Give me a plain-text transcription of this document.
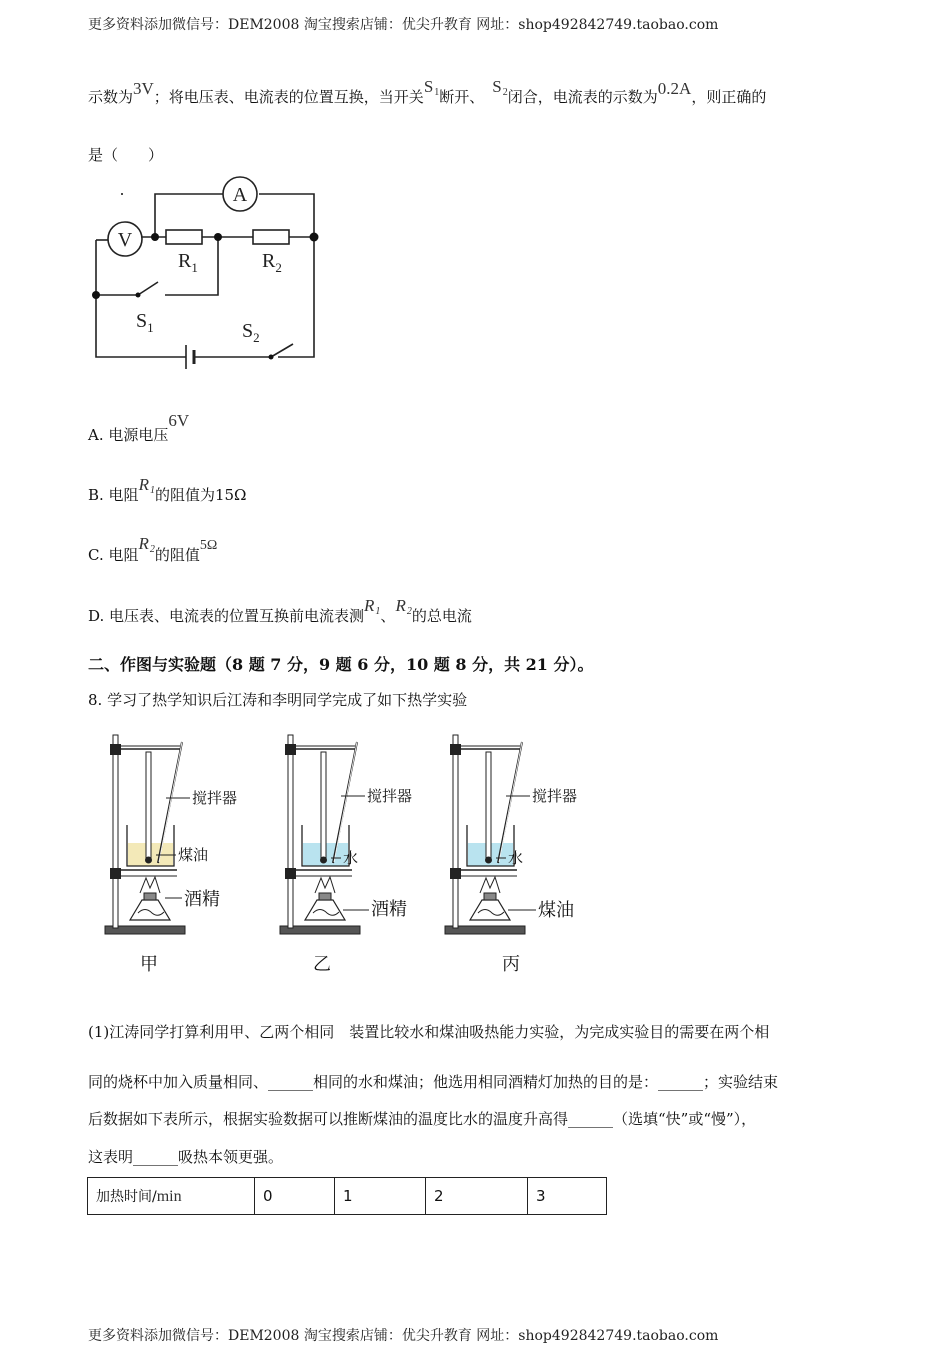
更多资料添加微信号：DEM2008 淘宝搜索店铺：优尖升教育 网址：shop492842749.taobao.com
更多资料添加微信号：DEM2008 淘宝搜索店铺：优尖升教育 网址：shop492842749.taobao.com
示数为3V；将电压表、电流表的位置互换，当开关$S_1$断开、$S_2$闭合，电流表的示数为0.2A，则正确的
是（　　）
A
V
$R_1$	$R_2$
$S_1$	$S_2$
A. 电源电压6V
B. 电阻$R_1$的阻值为15Ω
C. 电阻$R_2$的阻值5Ω
D. 电压表、电流表的位置互换前电流表测$R_1$、$R_2$的总电流
二、作图与实验题（8 题 7 分，9 题 6 分，10 题 8 分，共 21 分）。
8. 学习了热学知识后江涛和李明同学完成了如下热学实验
搅拌器
煤油
酒精
甲
搅拌器
水
酒精
乙
搅拌器
水
煤油
丙
(1)江涛同学打算利用甲、乙两个相同　装置比较水和煤油吸热能力实验，为完成实验目的需要在两个相
同的烧杯中加入质量相同、______相同的水和煤油；他选用相同酒精灯加热的目的是：______；实验结束
后数据如下表所示，根据实验数据可以推断煤油的温度比水的温度升高得______（选填“快”或“慢”），
这表明______吸热本领更强。
加热时间/min	0	1	2	3
